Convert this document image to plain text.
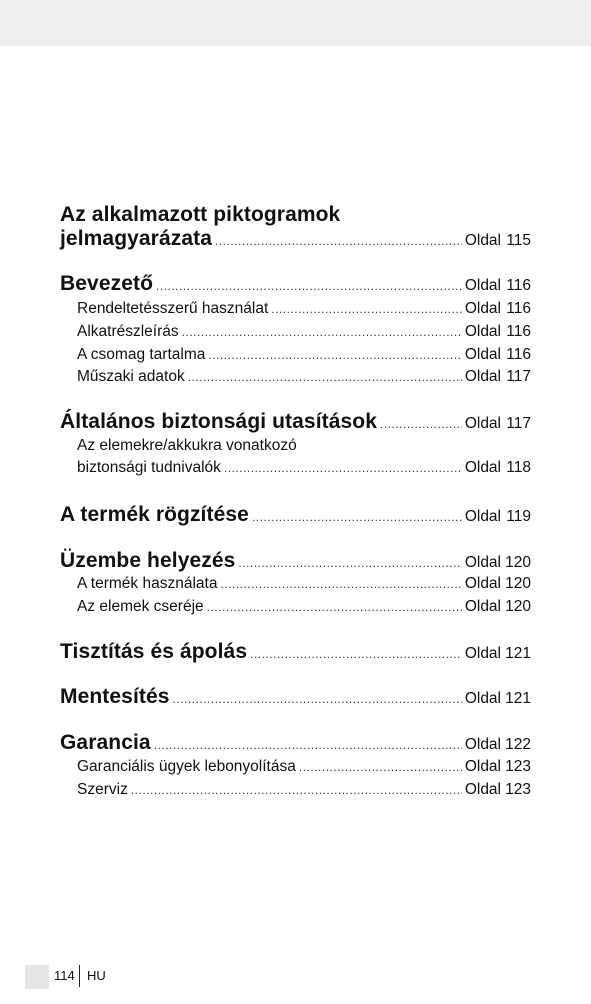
Az alkalmazott piktogramok
jelmagyarázata .....	Oldal 115
Bevezető .....	Oldal 116
Rendeltetésszerű használat .....	Oldal 116
Alkatrészleírás .....	Oldal 116
A csomag tartalma .....	Oldal 116
Műszaki adatok .....	Oldal 117
Általános biztonsági utasítások .....	Oldal 117
Az elemekre/akkukra vonatkozó
biztonsági tudnivalók .....	Oldal 118
A termék rögzítése .....	Oldal 119
Üzembe helyezés .....	Oldal 120
A termék használata .....	Oldal 120
Az elemek cseréje .....	Oldal 120
Tisztítás és ápolás .....	Oldal 121
Mentesítés .....	Oldal 121
Garancia .....	Oldal 122
Garanciális ügyek lebonyolítása .....	Oldal 123
Szerviz .....	Oldal 123
114 HU
